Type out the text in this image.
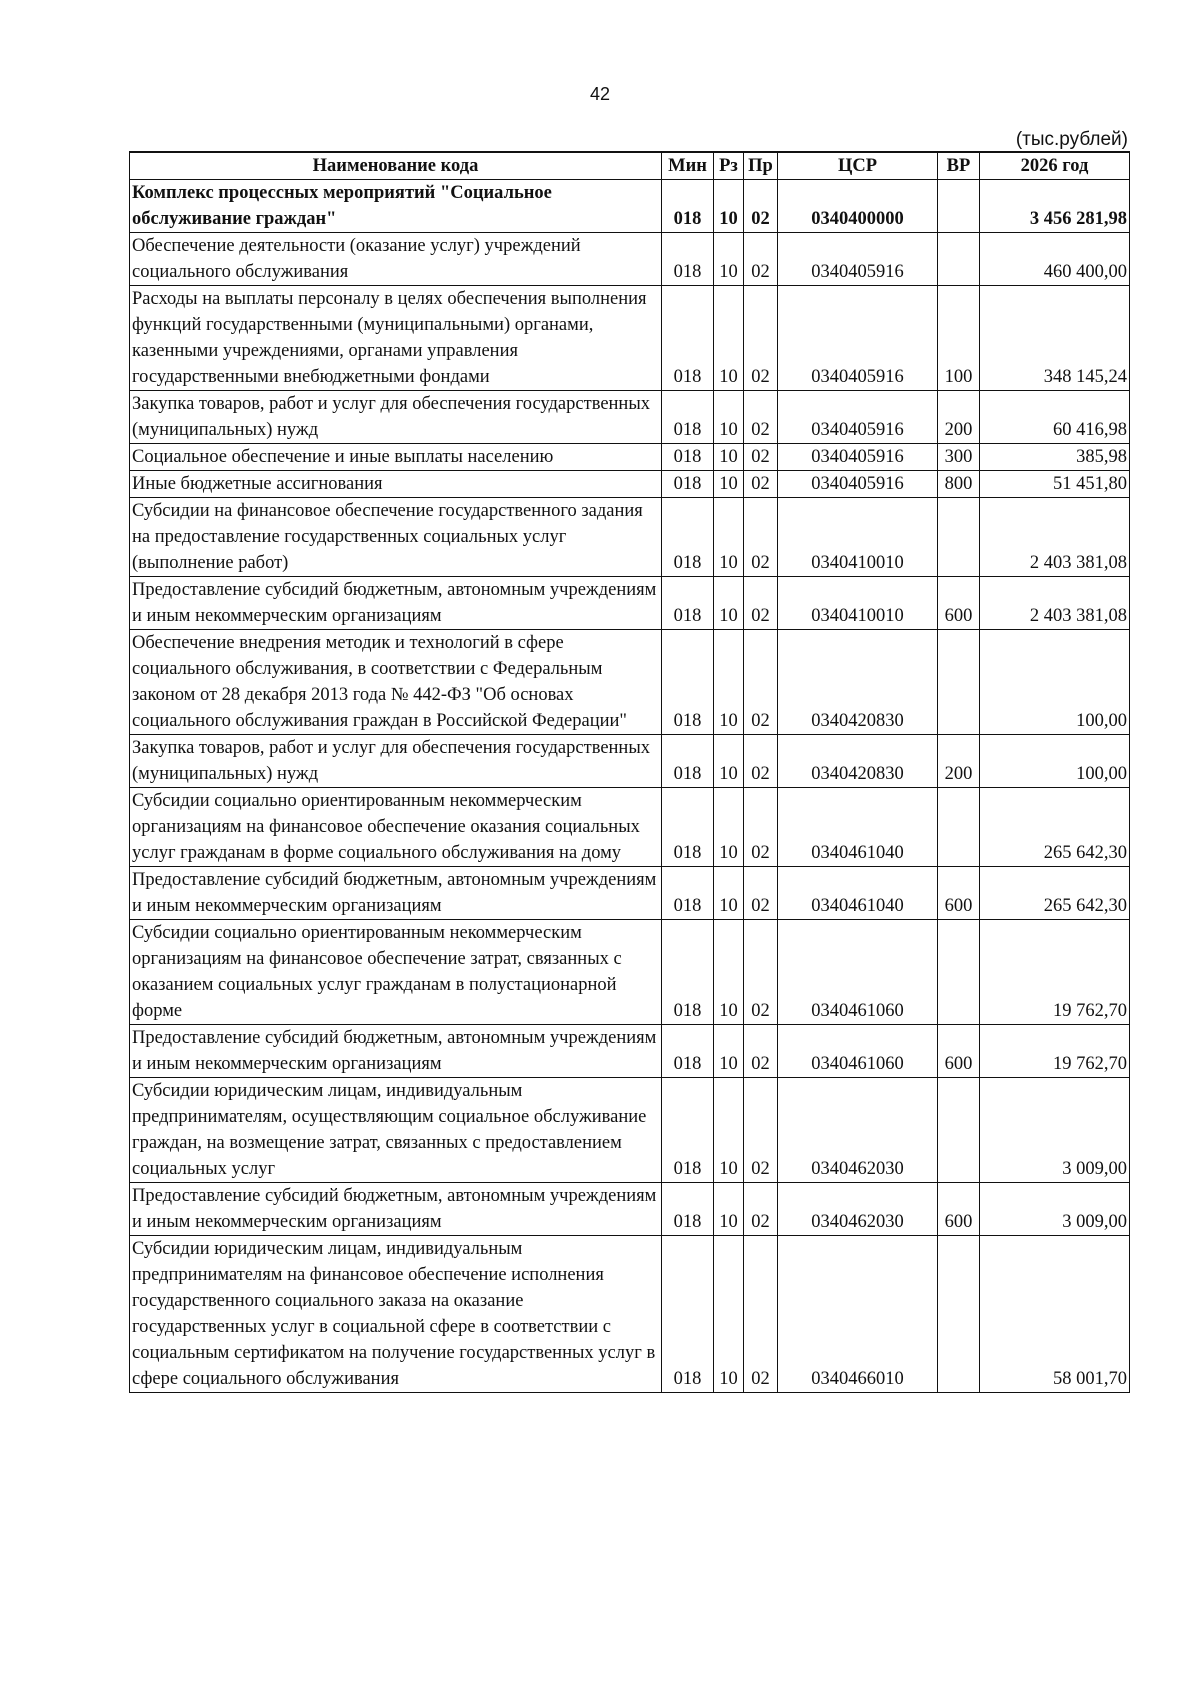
42
(тыс.рублей)
Наименование кода	Мин	Рз	Пр	ЦСР	ВР	2026 год
Комплекс процессных мероприятий "Социальное обслуживание граждан"	018	10	02	0340400000		3 456 281,98
Обеспечение деятельности (оказание услуг) учреждений социального обслуживания	018	10	02	0340405916		460 400,00
Расходы на выплаты персоналу в целях обеспечения выполнения функций государственными (муниципальными) органами, казенными учреждениями, органами управления государственными внебюджетными фондами	018	10	02	0340405916	100	348 145,24
Закупка товаров, работ и услуг для обеспечения государственных (муниципальных) нужд	018	10	02	0340405916	200	60 416,98
Социальное обеспечение и иные выплаты населению	018	10	02	0340405916	300	385,98
Иные бюджетные ассигнования	018	10	02	0340405916	800	51 451,80
Субсидии на финансовое обеспечение государственного задания на предоставление государственных социальных услуг (выполнение работ)	018	10	02	0340410010		2 403 381,08
Предоставление субсидий бюджетным, автономным учреждениям и иным некоммерческим организациям	018	10	02	0340410010	600	2 403 381,08
Обеспечение внедрения методик и технологий в сфере социального обслуживания, в соответствии с Федеральным законом от 28 декабря 2013 года № 442-ФЗ "Об основах социального обслуживания граждан в Российской Федерации"	018	10	02	0340420830		100,00
Закупка товаров, работ и услуг для обеспечения государственных (муниципальных) нужд	018	10	02	0340420830	200	100,00
Субсидии социально ориентированным некоммерческим организациям на финансовое обеспечение оказания социальных услуг гражданам в форме социального обслуживания на дому	018	10	02	0340461040		265 642,30
Предоставление субсидий бюджетным, автономным учреждениям и иным некоммерческим организациям	018	10	02	0340461040	600	265 642,30
Субсидии социально ориентированным некоммерческим организациям на финансовое обеспечение затрат, связанных с оказанием социальных услуг гражданам в полустационарной форме	018	10	02	0340461060		19 762,70
Предоставление субсидий бюджетным, автономным учреждениям и иным некоммерческим организациям	018	10	02	0340461060	600	19 762,70
Субсидии юридическим лицам, индивидуальным предпринимателям, осуществляющим социальное обслуживание граждан, на возмещение затрат, связанных с предоставлением социальных услуг	018	10	02	0340462030		3 009,00
Предоставление субсидий бюджетным, автономным учреждениям и иным некоммерческим организациям	018	10	02	0340462030	600	3 009,00
Субсидии юридическим лицам, индивидуальным предпринимателям на финансовое обеспечение исполнения государственного социального заказа на оказание государственных услуг в социальной сфере в соответствии с социальным сертификатом на получение государственных услуг в сфере социального обслуживания	018	10	02	0340466010		58 001,70
